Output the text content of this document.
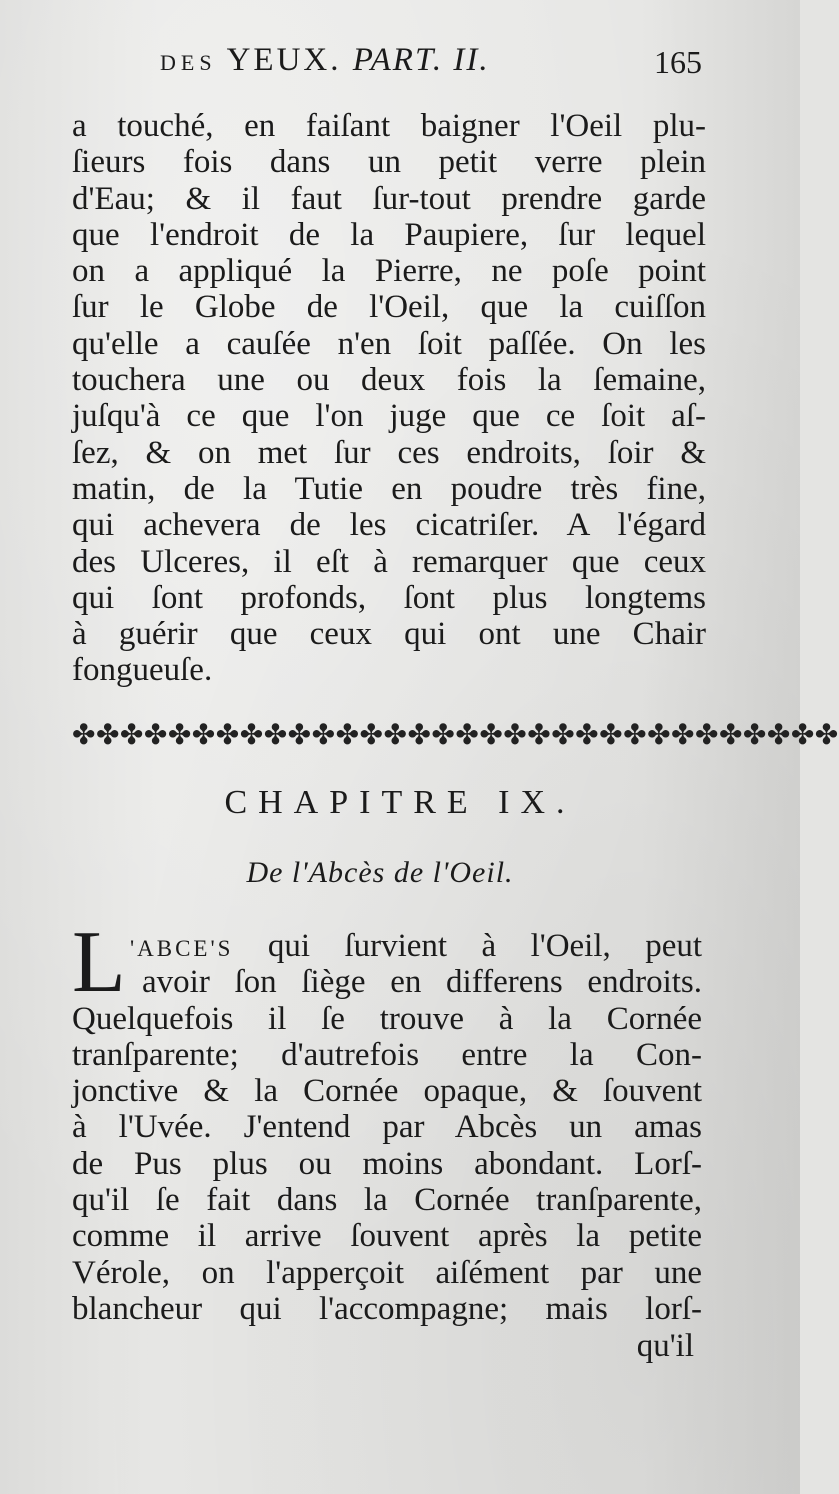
DES YEUX. PART. II.	165
a touché, en faiſant baigner l'Oeil plu-
ſieurs fois dans un petit verre plein
d'Eau; & il faut ſur-tout prendre garde
que l'endroit de la Paupiere, ſur lequel
on a appliqué la Pierre, ne poſe point
ſur le Globe de l'Oeil, que la cuiſſon
qu'elle a cauſée n'en ſoit paſſée. On les
touchera une ou deux fois la ſemaine,
juſqu'à ce que l'on juge que ce ſoit aſ-
ſez, & on met ſur ces endroits, ſoir &
matin, de la Tutie en poudre très fine,
qui achevera de les cicatriſer. A l'égard
des Ulceres, il eſt à remarquer que ceux
qui ſont profonds, ſont plus longtems
à guérir que ceux qui ont une Chair
fongueuſe.
✤✤✤✤✤✤✤✤✤✤✤✤✤✤✤✤✤✤✤✤✤✤✤✤✤✤✤✤✤✤✤✤
CHAPITRE IX.
De l'Abcès de l'Oeil.
L 'ABCE'S qui ſurvient à l'Oeil, peut
avoir ſon ſiège en differens endroits.
Quelquefois il ſe trouve à la Cornée
tranſparente; d'autrefois entre la Con-
jonctive & la Cornée opaque, & ſouvent
à l'Uvée. J'entend par Abcès un amas
de Pus plus ou moins abondant. Lorſ-
qu'il ſe fait dans la Cornée tranſparente,
comme il arrive ſouvent après la petite
Vérole, on l'apperçoit aiſément par une
blancheur qui l'accompagne; mais lorſ-
qu'il
